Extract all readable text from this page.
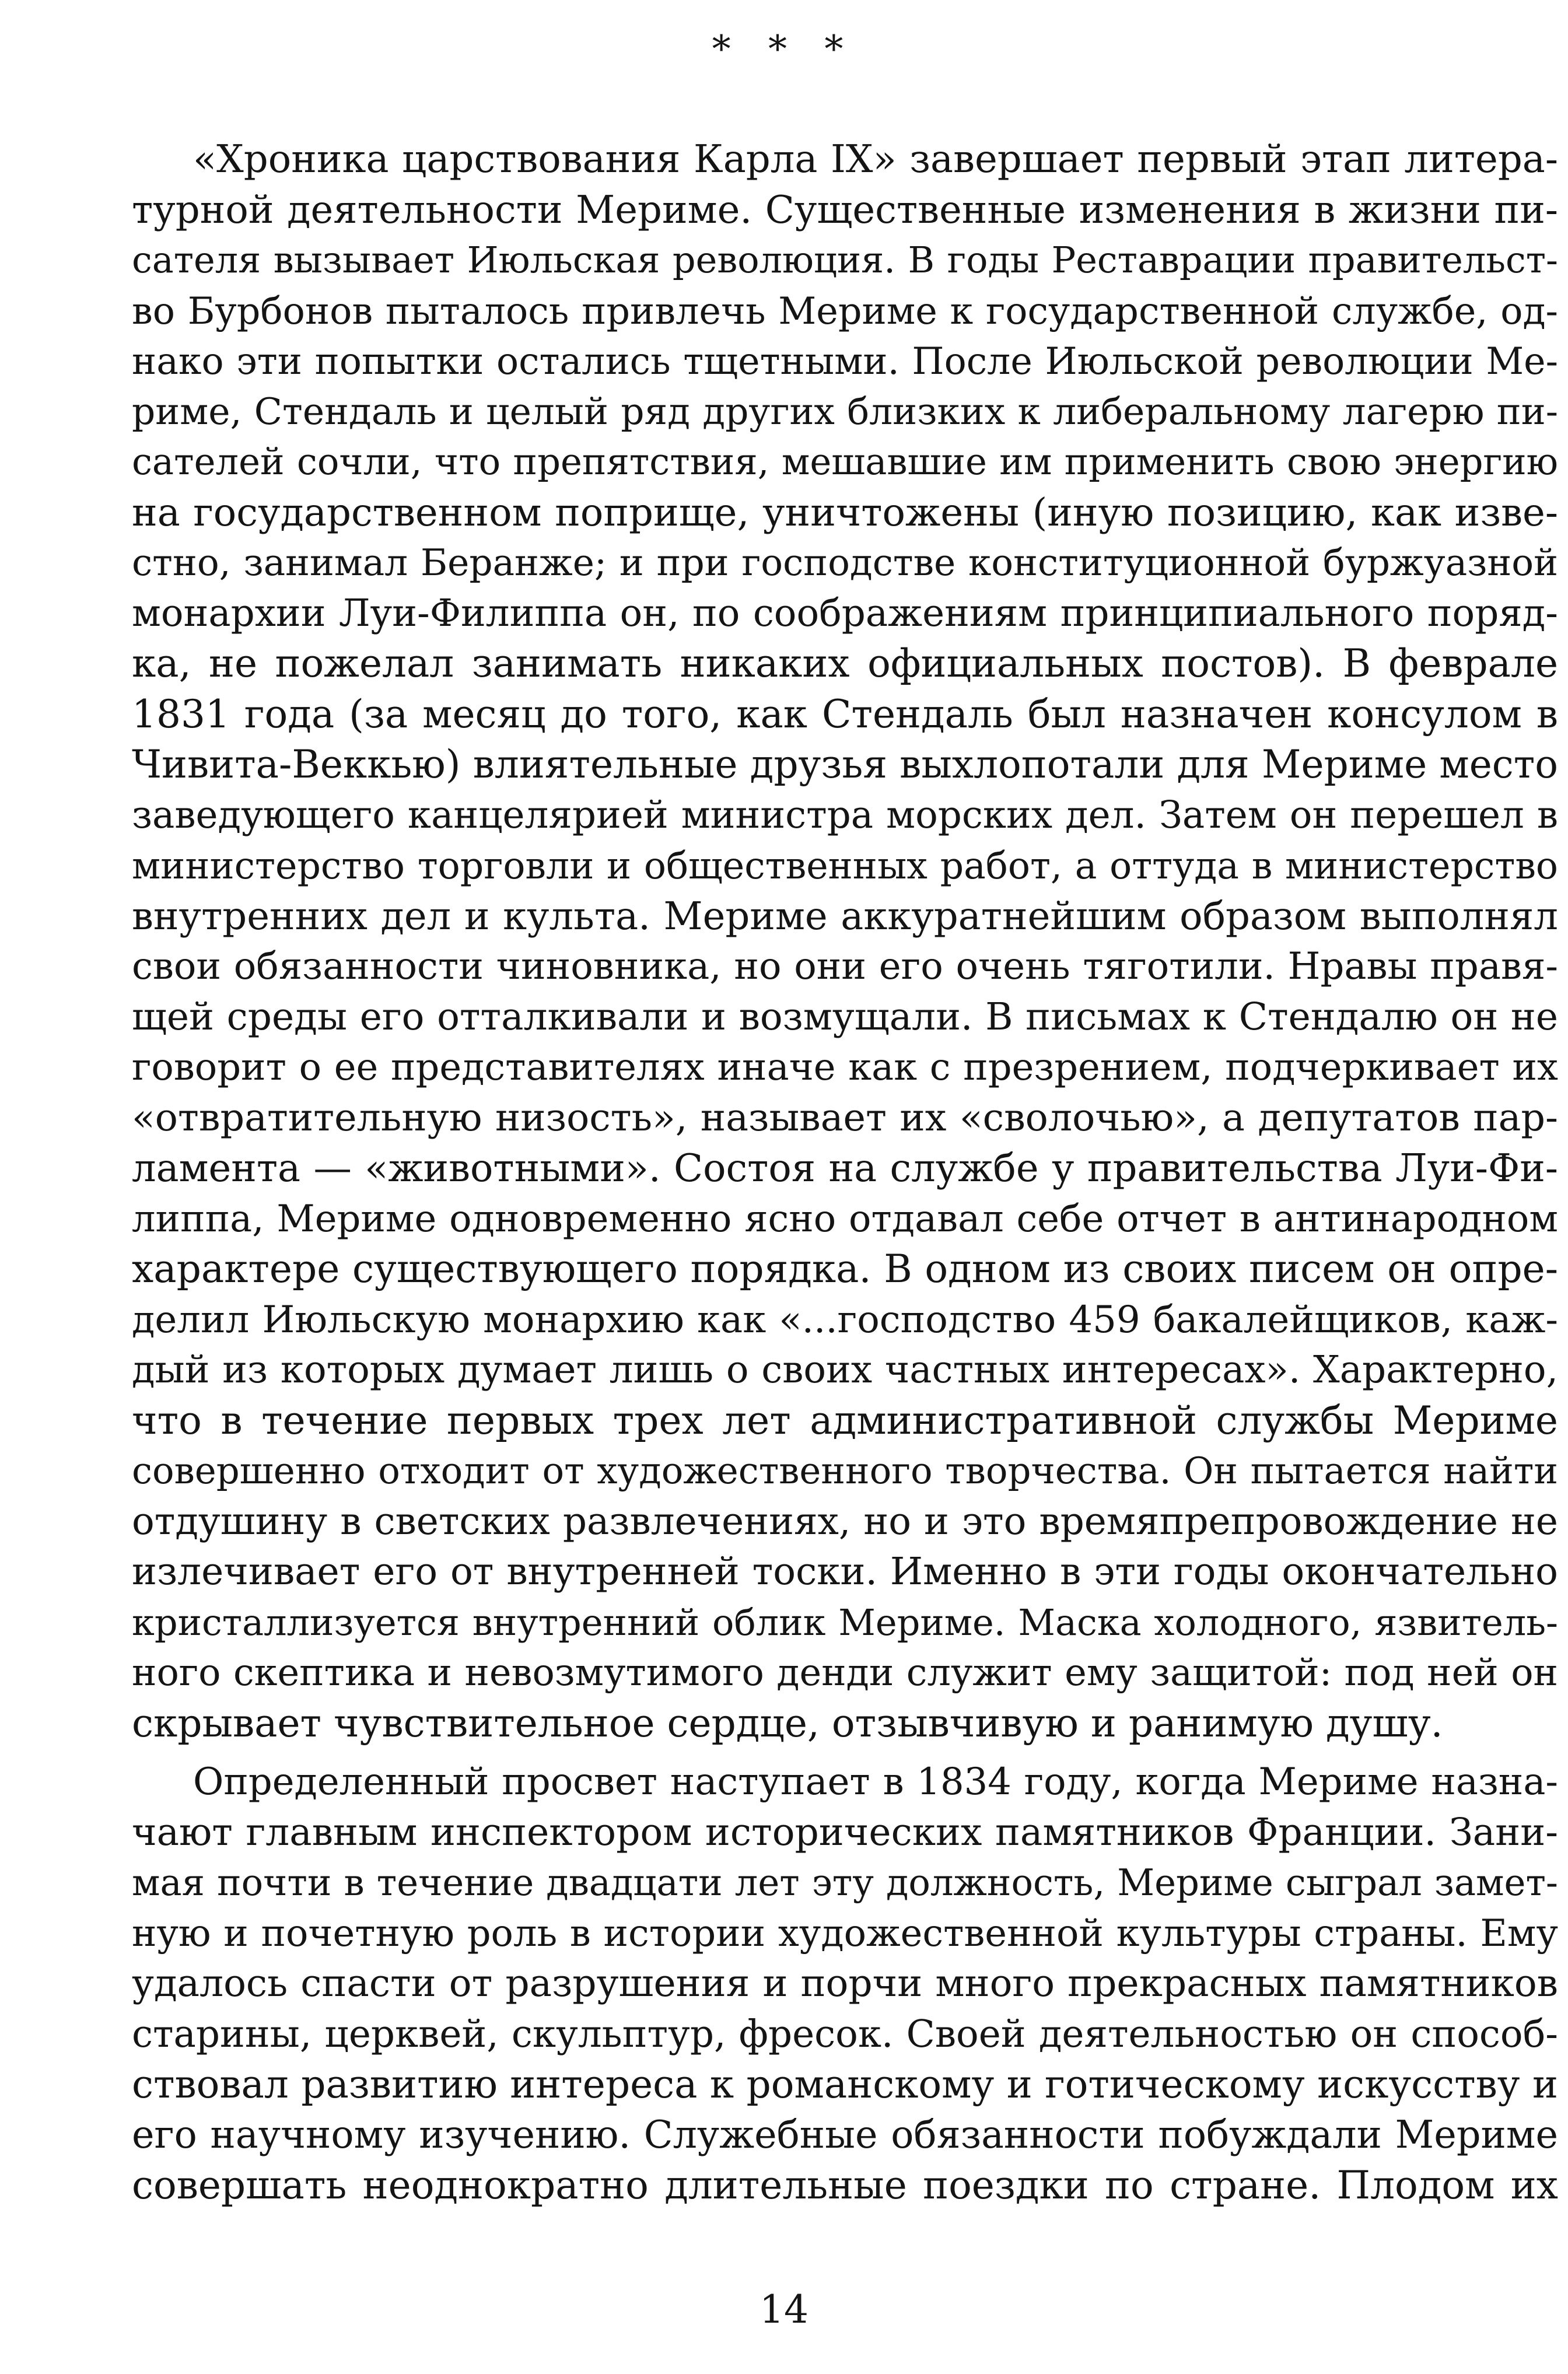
* * *

«Хроника царствования Карла IX» завершает первый этап литера-
турной деятельности Мериме. Существенные изменения в жизни пи-
сателя вызывает Июльская революция. В годы Реставрации правительст-
во Бурбонов пыталось привлечь Мериме к государственной службе, од-
нако эти попытки остались тщетными. После Июльской революции Ме-
риме, Стендаль и целый ряд других близких к либеральному лагерю пи-
сателей сочли, что препятствия, мешавшие им применить свою энергию
на государственном поприще, уничтожены (иную позицию, как изве-
стно, занимал Беранже; и при господстве конституционной буржуазной
монархии Луи-Филиппа он, по соображениям принципиального поряд-
ка, не пожелал занимать никаких официальных постов). В феврале
1831 года (за месяц до того, как Стендаль был назначен консулом в
Чивита-Веккью) влиятельные друзья выхлопотали для Мериме место
заведующего канцелярией министра морских дел. Затем он перешел в
министерство торговли и общественных работ, а оттуда в министерство
внутренних дел и культа. Мериме аккуратнейшим образом выполнял
свои обязанности чиновника, но они его очень тяготили. Нравы правя-
щей среды его отталкивали и возмущали. В письмах к Стендалю он не
говорит о ее представителях иначе как с презрением, подчеркивает их
«отвратительную низость», называет их «сволочью», а депутатов пар-
ламента — «животными». Состоя на службе у правительства Луи-Фи-
липпа, Мериме одновременно ясно отдавал себе отчет в антинародном
характере существующего порядка. В одном из своих писем он опре-
делил Июльскую монархию как «...господство 459 бакалейщиков, каж-
дый из которых думает лишь о своих частных интересах». Характерно,
что в течение первых трех лет административной службы Мериме
совершенно отходит от художественного творчества. Он пытается найти
отдушину в светских развлечениях, но и это времяпрепровождение не
излечивает его от внутренней тоски. Именно в эти годы окончательно
кристаллизуется внутренний облик Мериме. Маска холодного, язвитель-
ного скептика и невозмутимого денди служит ему защитой: под ней он
скрывает чувствительное сердце, отзывчивую и ранимую душу.

Определенный просвет наступает в 1834 году, когда Мериме назна-
чают главным инспектором исторических памятников Франции. Зани-
мая почти в течение двадцати лет эту должность, Мериме сыграл замет-
ную и почетную роль в истории художественной культуры страны. Ему
удалось спасти от разрушения и порчи много прекрасных памятников
старины, церквей, скульптур, фресок. Своей деятельностью он способ-
ствовал развитию интереса к романскому и готическому искусству и
его научному изучению. Служебные обязанности побуждали Мериме
совершать неоднократно длительные поездки по стране. Плодом их

14
